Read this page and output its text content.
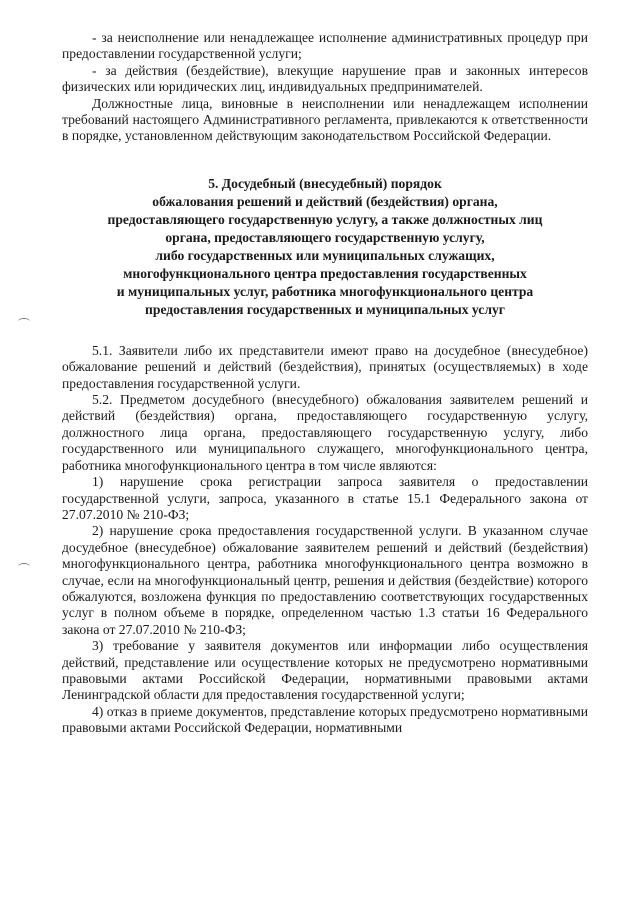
- за неисполнение или ненадлежащее исполнение административных процедур при предоставлении государственной услуги;

- за действия (бездействие), влекущие нарушение прав и законных интересов физических или юридических лиц, индивидуальных предпринимателей.

Должностные лица, виновные в неисполнении или ненадлежащем исполнении требований настоящего Административного регламента, привлекаются к ответственности в порядке, установленном действующим законодательством Российской Федерации.

5. Досудебный (внесудебный) порядок
обжалования решений и действий (бездействия) органа,
предоставляющего государственную услугу, а также должностных лиц
органа, предоставляющего государственную услугу,
либо государственных или муниципальных служащих,
многофункционального центра предоставления государственных
и муниципальных услуг, работника многофункционального центра
предоставления государственных и муниципальных услуг

5.1. Заявители либо их представители имеют право на досудебное (внесудебное) обжалование решений и действий (бездействия), принятых (осуществляемых) в ходе предоставления государственной услуги.

5.2. Предметом досудебного (внесудебного) обжалования заявителем решений и действий (бездействия) органа, предоставляющего государственную услугу, должностного лица органа, предоставляющего государственную услугу, либо государственного или муниципального служащего, многофункционального центра, работника многофункционального центра в том числе являются:

1) нарушение срока регистрации запроса заявителя о предоставлении государственной услуги, запроса, указанного в статье 15.1 Федерального закона от 27.07.2010 № 210-ФЗ;

2) нарушение срока предоставления государственной услуги. В указанном случае досудебное (внесудебное) обжалование заявителем решений и действий (бездействия) многофункционального центра, работника многофункционального центра возможно в случае, если на многофункциональный центр, решения и действия (бездействие) которого обжалуются, возложена функция по предоставлению соответствующих государственных услуг в полном объеме в порядке, определенном частью 1.3 статьи 16 Федерального закона от 27.07.2010 № 210-ФЗ;

3) требование у заявителя документов или информации либо осуществления действий, представление или осуществление которых не предусмотрено нормативными правовыми актами Российской Федерации, нормативными правовыми актами Ленинградской области для предоставления государственной услуги;

4) отказ в приеме документов, представление которых предусмотрено нормативными правовыми актами Российской Федерации, нормативными
